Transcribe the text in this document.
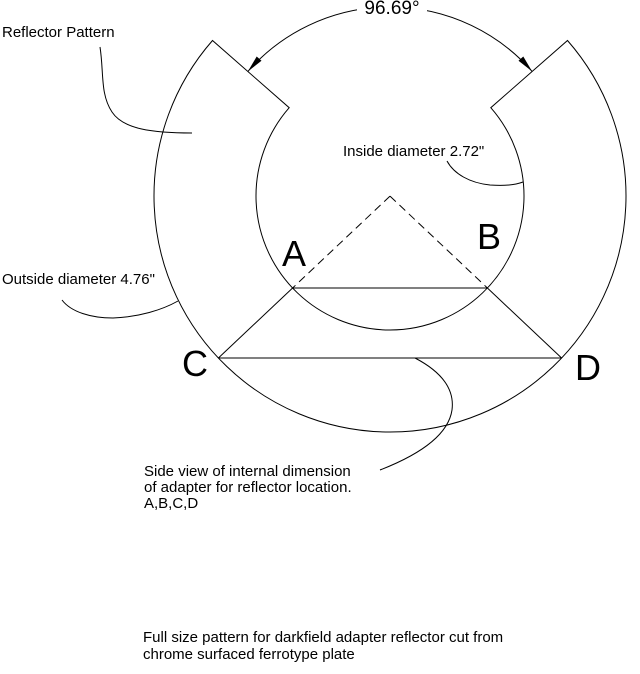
96.69°
Reflector Pattern
Inside diameter 2.72"
Outside diameter 4.76"
A	B
C	D
Side view of internal dimension
of adapter for reflector location.
A,B,C,D
Full size pattern for darkfield adapter reflector cut from
chrome surfaced ferrotype plate
